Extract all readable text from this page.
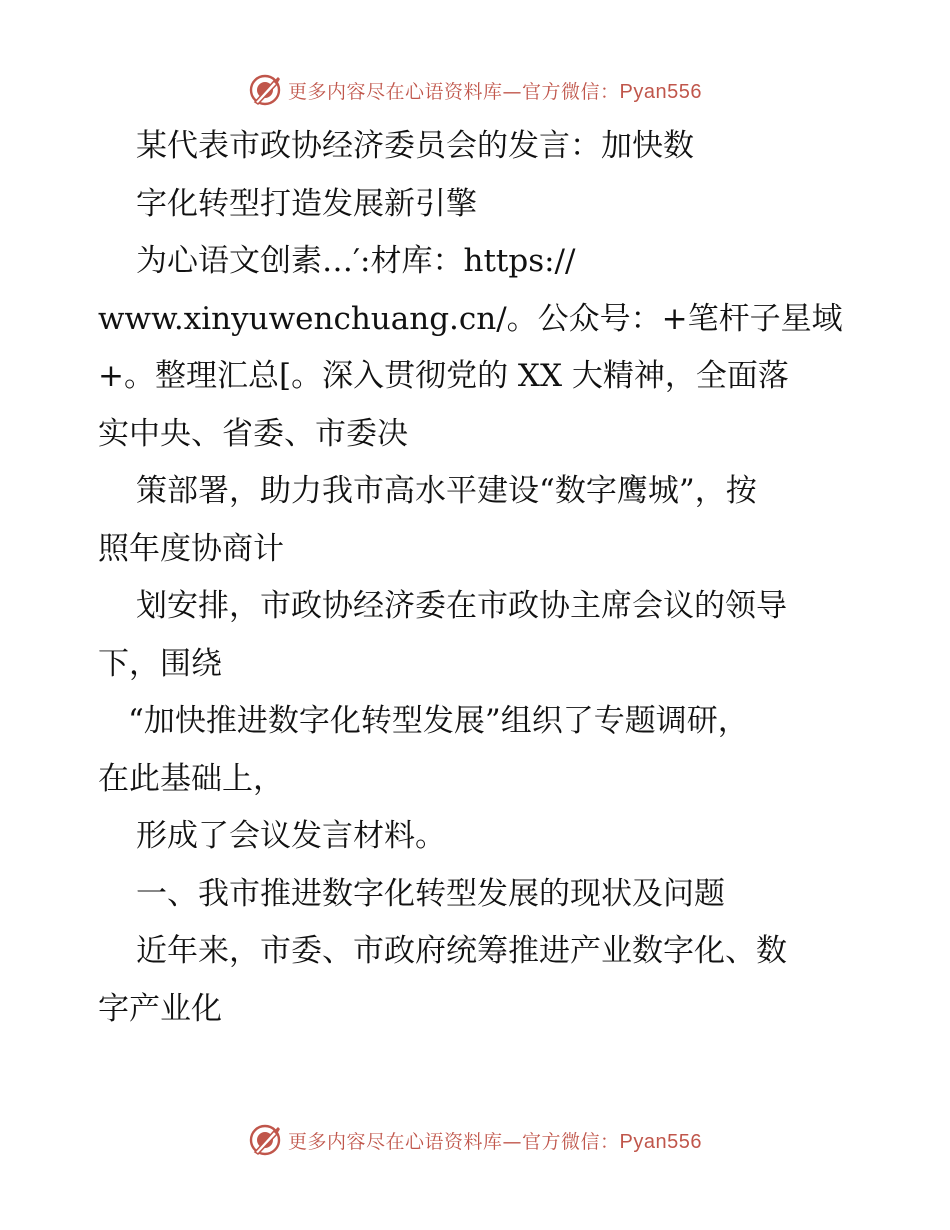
更多内容尽在心语资料库—官方微信：Pyan556
某代表市政协经济委员会的发言：加快数
字化转型打造发展新引擎
为心语文创素…′:材库：https://
www.xinyuwenchuang.cn/。公众号：+笔杆子星域
+。整理汇总[。深入贯彻党的 XX 大精神，全面落
实中央、省委、市委决
策部署，助力我市高水平建设“数字鹰城”，按
照年度协商计
划安排，市政协经济委在市政协主席会议的领导
下，围绕
“加快推进数字化转型发展”组织了专题调研，
在此基础上，
形成了会议发言材料。
一、我市推进数字化转型发展的现状及问题
近年来，市委、市政府统筹推进产业数字化、数
字产业化
更多内容尽在心语资料库—官方微信：Pyan556
